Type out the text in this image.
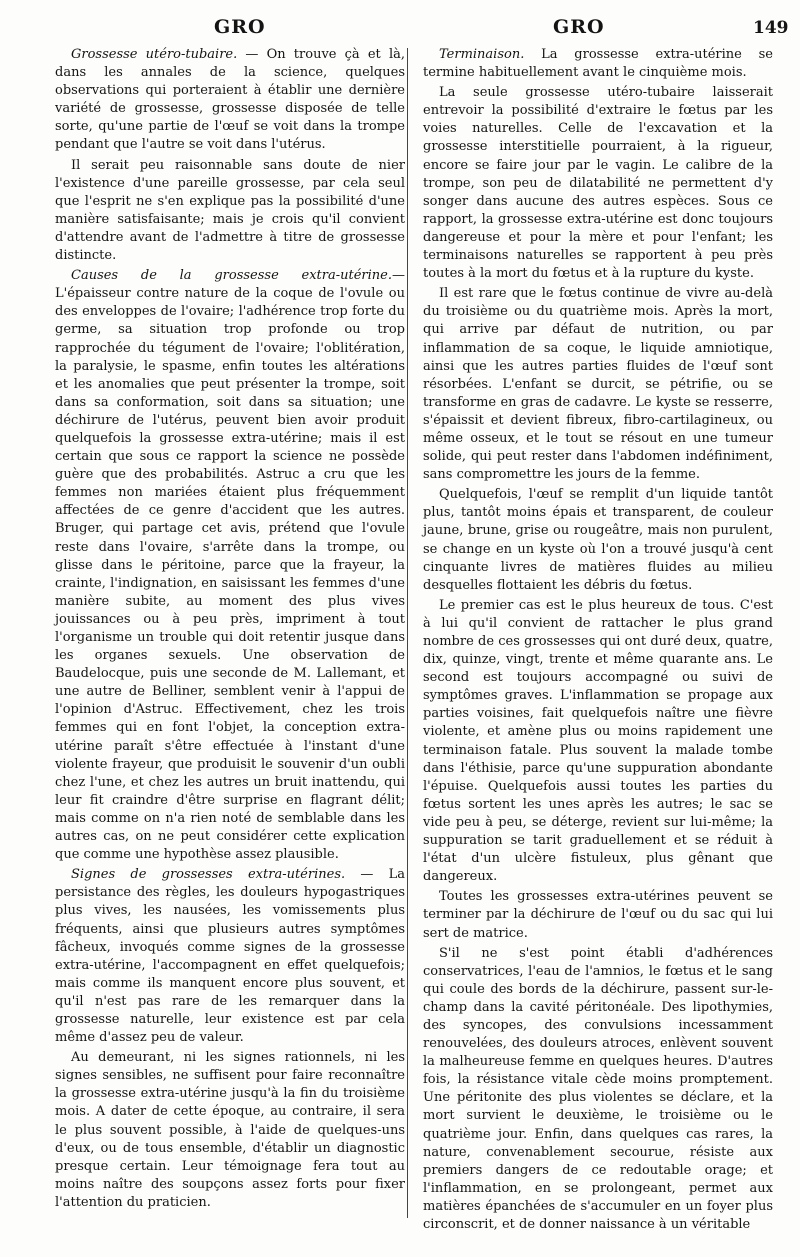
GRO	GRO	149

Grossesse utéro-tubaire. — On trouve çà et là, dans les annales de la science, quelques observations qui porteraient à établir une dernière variété de grossesse, grossesse disposée de telle sorte, qu'une partie de l'œuf se voit dans la trompe pendant que l'autre se voit dans l'utérus.

Il serait peu raisonnable sans doute de nier l'existence d'une pareille grossesse, par cela seul que l'esprit ne s'en explique pas la possibilité d'une manière satisfaisante; mais je crois qu'il convient d'attendre avant de l'admettre à titre de grossesse distincte.

Causes de la grossesse extra-utérine.—L'épaisseur contre nature de la coque de l'ovule ou des enveloppes de l'ovaire; l'adhérence trop forte du germe, sa situation trop profonde ou trop rapprochée du tégument de l'ovaire; l'oblitération, la paralysie, le spasme, enfin toutes les altérations et les anomalies que peut présenter la trompe, soit dans sa conformation, soit dans sa situation; une déchirure de l'utérus, peuvent bien avoir produit quelquefois la grossesse extra-utérine; mais il est certain que sous ce rapport la science ne possède guère que des probabilités. Astruc a cru que les femmes non mariées étaient plus fréquemment affectées de ce genre d'accident que les autres. Bruger, qui partage cet avis, prétend que l'ovule reste dans l'ovaire, s'arrête dans la trompe, ou glisse dans le péritoine, parce que la frayeur, la crainte, l'indignation, en saisissant les femmes d'une manière subite, au moment des plus vives jouissances ou à peu près, impriment à tout l'organisme un trouble qui doit retentir jusque dans les organes sexuels. Une observation de Baudelocque, puis une seconde de M. Lallemant, et une autre de Belliner, semblent venir à l'appui de l'opinion d'Astruc. Effectivement, chez les trois femmes qui en font l'objet, la conception extra-utérine paraît s'être effectuée à l'instant d'une violente frayeur, que produisit le souvenir d'un oubli chez l'une, et chez les autres un bruit inattendu, qui leur fit craindre d'être surprise en flagrant délit; mais comme on n'a rien noté de semblable dans les autres cas, on ne peut considérer cette explication que comme une hypothèse assez plausible.

Signes de grossesses extra-utérines. — La persistance des règles, les douleurs hypogastriques plus vives, les nausées, les vomissements plus fréquents, ainsi que plusieurs autres symptômes fâcheux, invoqués comme signes de la grossesse extra-utérine, l'accompagnent en effet quelquefois; mais comme ils manquent encore plus souvent, et qu'il n'est pas rare de les remarquer dans la grossesse naturelle, leur existence est par cela même d'assez peu de valeur.

Au demeurant, ni les signes rationnels, ni les signes sensibles, ne suffisent pour faire reconnaître la grossesse extra-utérine jusqu'à la fin du troisième mois. A dater de cette époque, au contraire, il sera le plus souvent possible, à l'aide de quelques-uns d'eux, ou de tous ensemble, d'établir un diagnostic presque certain. Leur témoignage fera tout au moins naître des soupçons assez forts pour fixer l'attention du praticien.

Terminaison. La grossesse extra-utérine se termine habituellement avant le cinquième mois.

La seule grossesse utéro-tubaire laisserait entrevoir la possibilité d'extraire le fœtus par les voies naturelles. Celle de l'excavation et la grossesse interstitielle pourraient, à la rigueur, encore se faire jour par le vagin. Le calibre de la trompe, son peu de dilatabilité ne permettent d'y songer dans aucune des autres espèces. Sous ce rapport, la grossesse extra-utérine est donc toujours dangereuse et pour la mère et pour l'enfant; les terminaisons naturelles se rapportent à peu près toutes à la mort du fœtus et à la rupture du kyste.

Il est rare que le fœtus continue de vivre au-delà du troisième ou du quatrième mois. Après la mort, qui arrive par défaut de nutrition, ou par inflammation de sa coque, le liquide amniotique, ainsi que les autres parties fluides de l'œuf sont résorbées. L'enfant se durcit, se pétrifie, ou se transforme en gras de cadavre. Le kyste se resserre, s'épaissit et devient fibreux, fibro-cartilagineux, ou même osseux, et le tout se résout en une tumeur solide, qui peut rester dans l'abdomen indéfiniment, sans compromettre les jours de la femme.

Quelquefois, l'œuf se remplit d'un liquide tantôt plus, tantôt moins épais et transparent, de couleur jaune, brune, grise ou rougeâtre, mais non purulent, se change en un kyste où l'on a trouvé jusqu'à cent cinquante livres de matières fluides au milieu desquelles flottaient les débris du fœtus.

Le premier cas est le plus heureux de tous. C'est à lui qu'il convient de rattacher le plus grand nombre de ces grossesses qui ont duré deux, quatre, dix, quinze, vingt, trente et même quarante ans. Le second est toujours accompagné ou suivi de symptômes graves. L'inflammation se propage aux parties voisines, fait quelquefois naître une fièvre violente, et amène plus ou moins rapidement une terminaison fatale. Plus souvent la malade tombe dans l'éthisie, parce qu'une suppuration abondante l'épuise. Quelquefois aussi toutes les parties du fœtus sortent les unes après les autres; le sac se vide peu à peu, se déterge, revient sur lui-même; la suppuration se tarit graduellement et se réduit à l'état d'un ulcère fistuleux, plus gênant que dangereux.

Toutes les grossesses extra-utérines peuvent se terminer par la déchirure de l'œuf ou du sac qui lui sert de matrice.

S'il ne s'est point établi d'adhérences conservatrices, l'eau de l'amnios, le fœtus et le sang qui coule des bords de la déchirure, passent sur-le-champ dans la cavité péritonéale. Des lipothymies, des syncopes, des convulsions incessamment renouvelées, des douleurs atroces, enlèvent souvent la malheureuse femme en quelques heures. D'autres fois, la résistance vitale cède moins promptement. Une péritonite des plus violentes se déclare, et la mort survient le deuxième, le troisième ou le quatrième jour. Enfin, dans quelques cas rares, la nature, convenablement secourue, résiste aux premiers dangers de ce redoutable orage; et l'inflammation, en se prolongeant, permet aux matières épanchées de s'accumuler en un foyer plus circonscrit, et de donner naissance à un véritable
